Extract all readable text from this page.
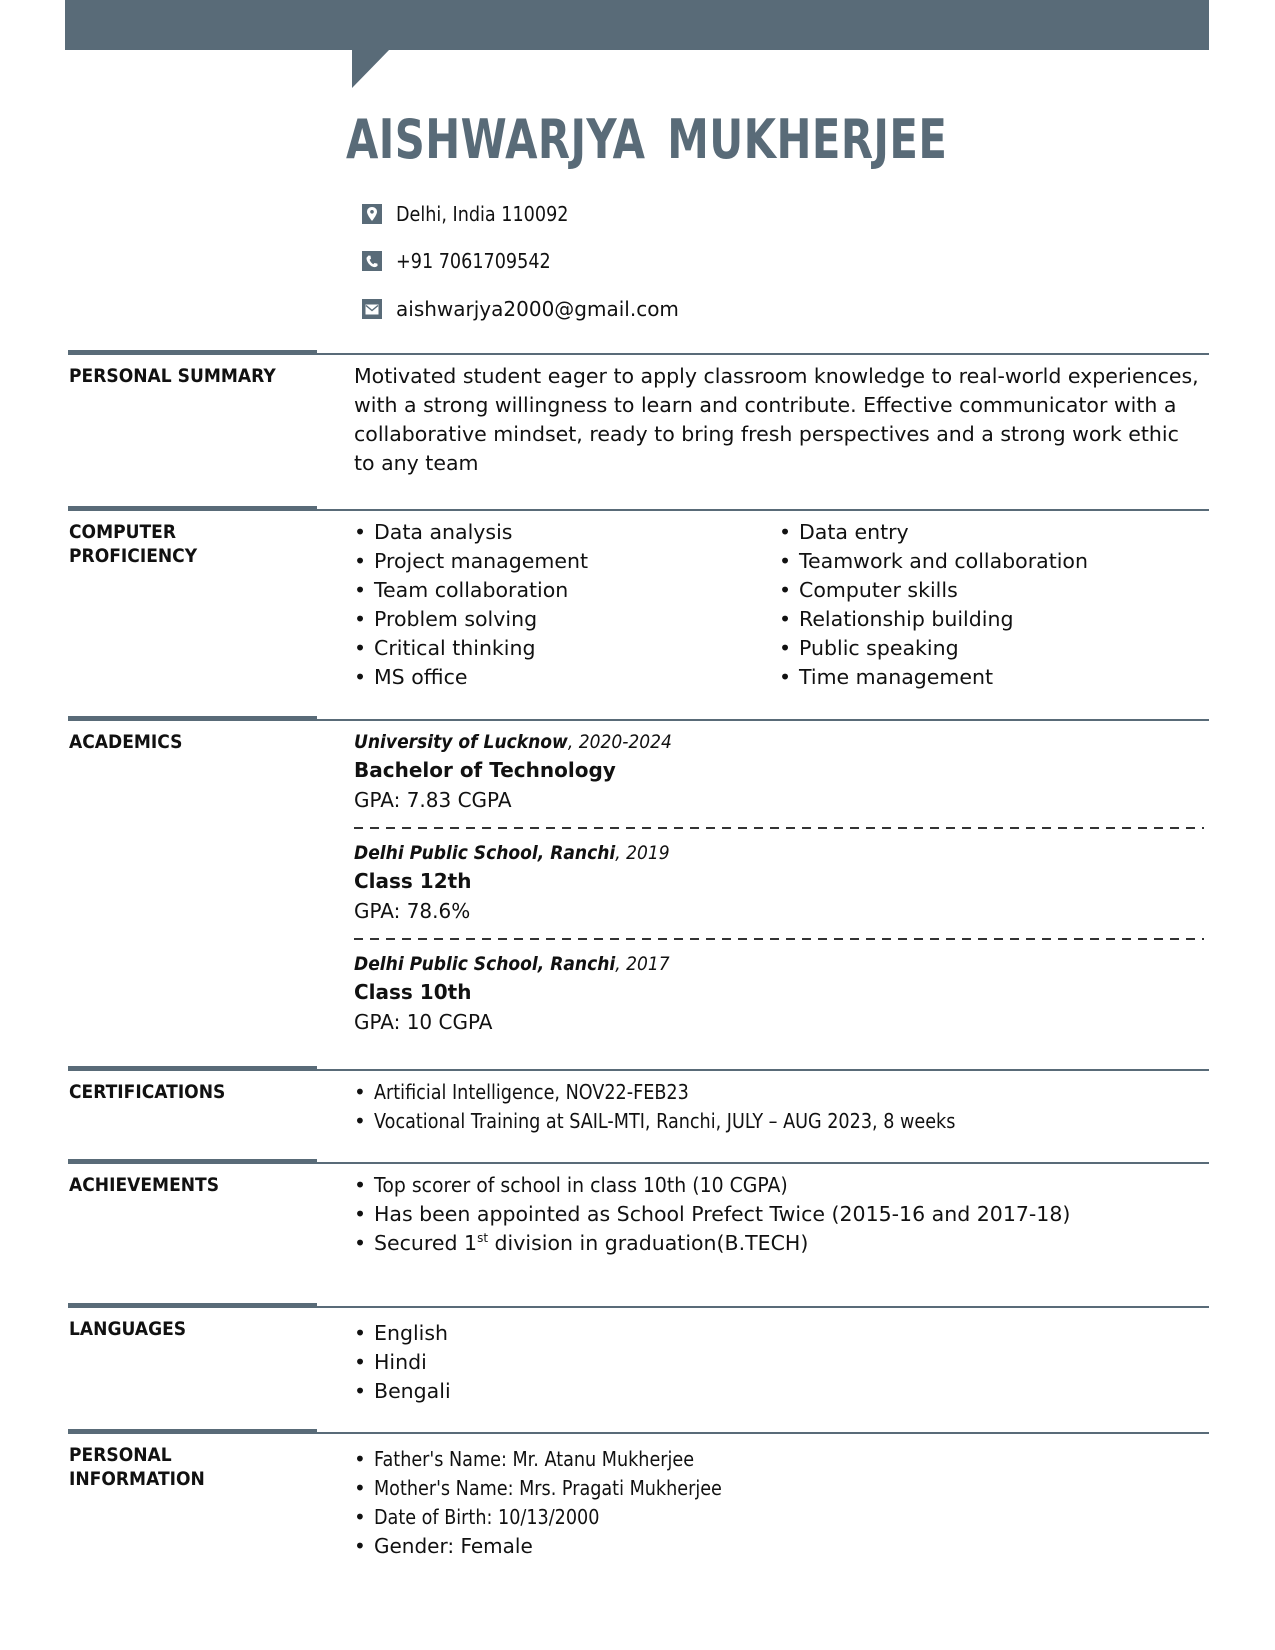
AISHWARJYA MUKHERJEE
Delhi, India 110092
+91 7061709542
aishwarjya2000@gmail.com
PERSONAL SUMMARY	Motivated student eager to apply classroom knowledge to real-world experiences, with a strong willingness to learn and contribute. Effective communicator with a collaborative mindset, ready to bring fresh perspectives and a strong work ethic to any team

COMPUTER
PROFICIENCY
• Data analysis
• Project management
• Team collaboration
• Problem solving
• Critical thinking
• MS office
• Data entry
• Teamwork and collaboration
• Computer skills
• Relationship building
• Public speaking
• Time management
ACADEMICS	University of Lucknow, 2020-2024
Bachelor of Technology
GPA: 7.83 CGPA
Delhi Public School, Ranchi, 2019
Class 12th
GPA: 78.6%
Delhi Public School, Ranchi, 2017
Class 10th
GPA: 10 CGPA
CERTIFICATIONS	• Artificial Intelligence, NOV22-FEB23
• Vocational Training at SAIL-MTI, Ranchi, JULY – AUG 2023, 8 weeks
ACHIEVEMENTS	• Top scorer of school in class 10th (10 CGPA)
• Has been appointed as School Prefect Twice (2015-16 and 2017-18)
• Secured 1st division in graduation(B.TECH)
LANGUAGES	• English
• Hindi
• Bengali
PERSONAL
INFORMATION
• Father's Name: Mr. Atanu Mukherjee
• Mother's Name: Mrs. Pragati Mukherjee
• Date of Birth: 10/13/2000
• Gender: Female
